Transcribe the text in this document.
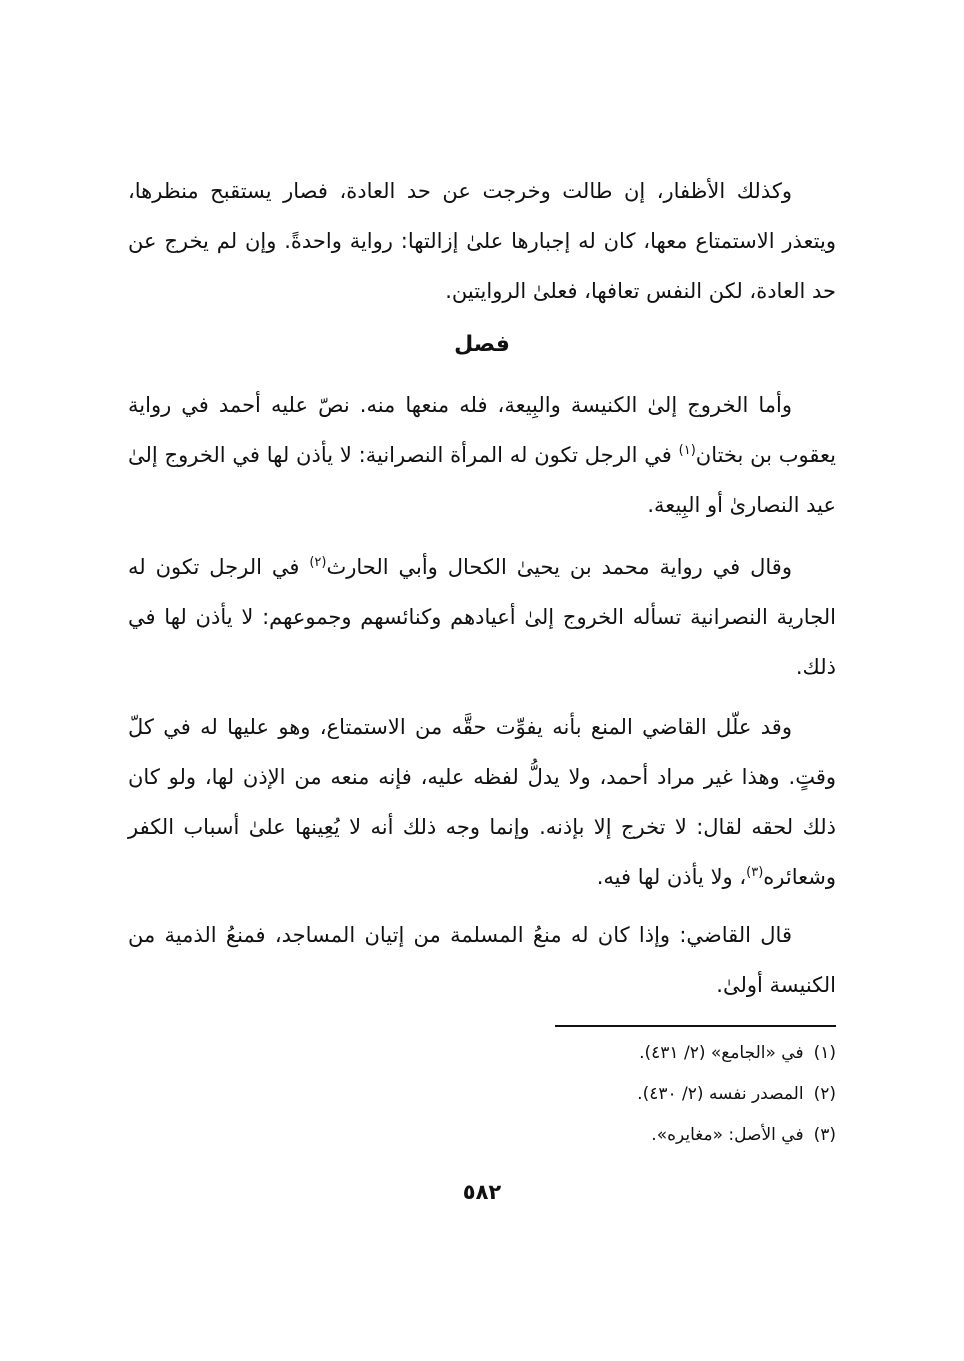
وكذلك الأظفار، إن طالت وخرجت عن حد العادة، فصار يستقبح منظرها، ويتعذر الاستمتاع معها، كان له إجبارها علىٰ إزالتها: رواية واحدةً. وإن لم يخرج عن حد العادة، لكن النفس تعافها، فعلىٰ الروايتين.

فصل

وأما الخروج إلىٰ الكنيسة والبِيعة، فله منعها منه. نصّ عليه أحمد في رواية يعقوب بن بختان$^{(١)}$ في الرجل تكون له المرأة النصرانية: لا يأذن لها في الخروج إلىٰ عيد النصارىٰ أو البِيعة.

وقال في رواية محمد بن يحيىٰ الكحال وأبي الحارث$^{(٢)}$ في الرجل تكون له الجارية النصرانية تسأله الخروج إلىٰ أعيادهم وكنائسهم وجموعهم: لا يأذن لها في ذلك.

وقد علّل القاضي المنع بأنه يفوِّت حقَّه من الاستمتاع، وهو عليها له في كلّ وقتٍ. وهذا غير مراد أحمد، ولا يدلُّ لفظه عليه، فإنه منعه من الإذن لها، ولو كان ذلك لحقه لقال: لا تخرج إلا بإذنه. وإنما وجه ذلك أنه لا يُعِينها علىٰ أسباب الكفر وشعائره$^{(٣)}$، ولا يأذن لها فيه.

قال القاضي: وإذا كان له منعُ المسلمة من إتيان المساجد، فمنعُ الذمية من الكنيسة أولىٰ.

(١)في «الجامع» (٢/ ٤٣١).
(٢)المصدر نفسه (٢/ ٤٣٠).
(٣)في الأصل: «مغايره».
٥٨٢
